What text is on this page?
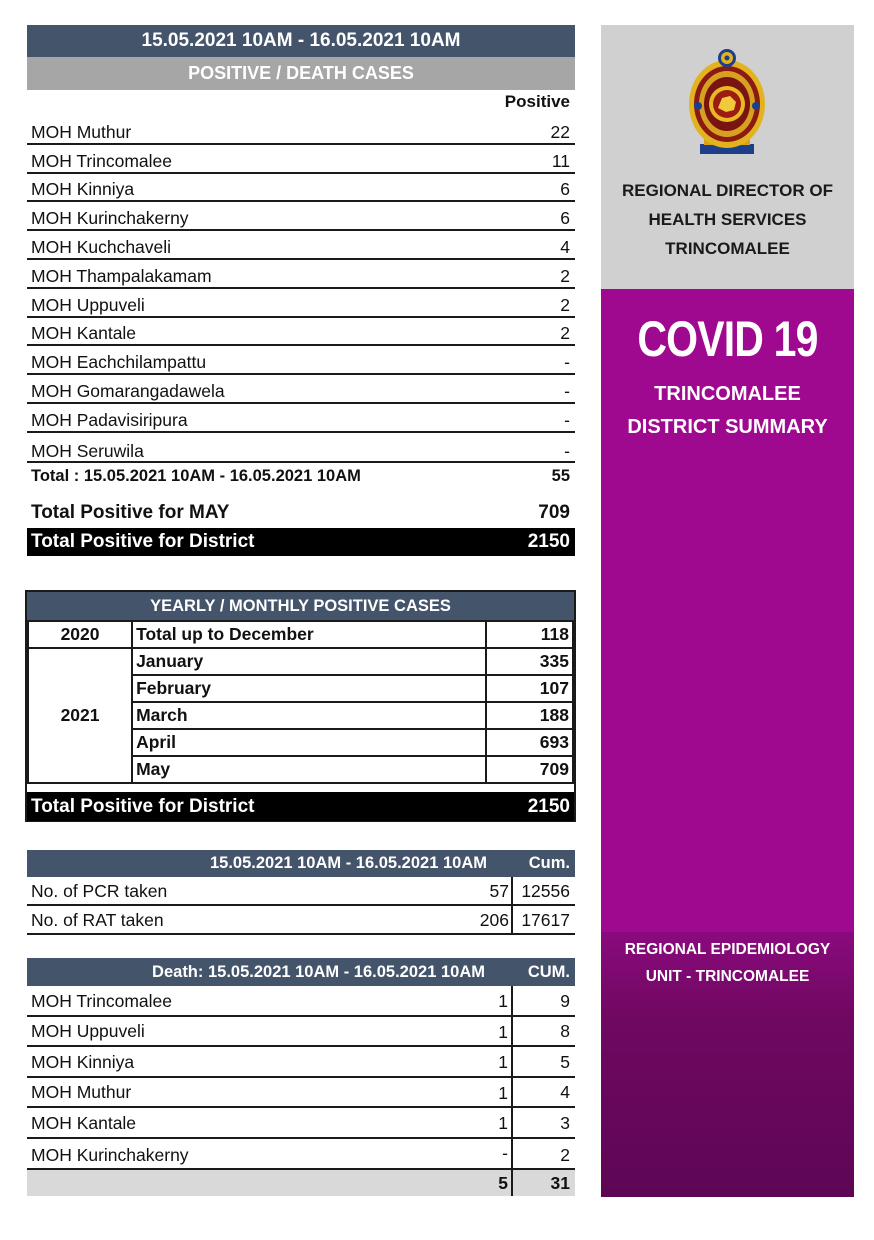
15.05.2021 10AM - 16.05.2021 10AM
POSITIVE / DEATH CASES
Positive
MOH Muthur	22
MOH Trincomalee	11
MOH Kinniya	6
MOH Kurinchakerny	6
MOH Kuchchaveli	4
MOH Thampalakamam	2
MOH Uppuveli	2
MOH Kantale	2
MOH Eachchilampattu	-
MOH Gomarangadawela	-
MOH Padavisiripura	-
MOH Seruwila	-
Total : 15.05.2021 10AM - 16.05.2021 10AM	55
Total Positive for MAY	709
Total Positive for District	2150
YEARLY / MONTHLY POSITIVE CASES
2020	Total up to December	118
2021	January	335
	February	107
	March	188
	April	693
	May	709
Total Positive for District	2150
15.05.2021 10AM - 16.05.2021 10AM	Cum.
No. of PCR taken	57 12556
No. of RAT taken	206 17617
Death: 15.05.2021 10AM - 16.05.2021 10AM	CUM.
MOH Trincomalee	1	9
MOH Uppuveli	1	8
MOH Kinniya	1	5
MOH Muthur	1	4
MOH Kantale	1	3
MOH Kurinchakerny	-	2
5 31
REGIONAL DIRECTOR OF
HEALTH SERVICES
TRINCOMALEE
COVID 19
TRINCOMALEE
DISTRICT SUMMARY
REGIONAL EPIDEMIOLOGY
UNIT - TRINCOMALEE
